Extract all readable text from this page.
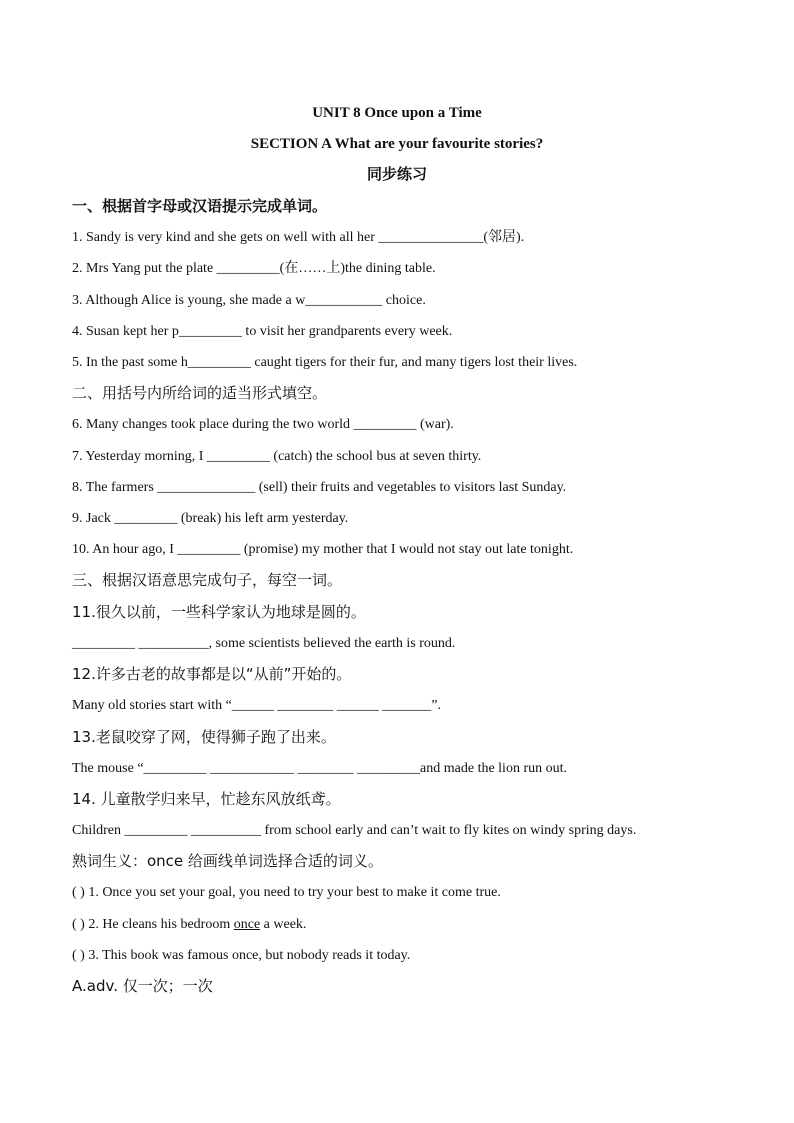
UNIT 8 Once upon a Time
SECTION A What are your favourite stories?
同步练习
一、根据首字母或汉语提示完成单词。
1. Sandy is very kind and she gets on well with all her _______________(邻居).
2. Mrs Yang put the plate _________(在……上)the dining table.
3. Although Alice is young, she made a w___________ choice.
4. Susan kept her p_________ to visit her grandparents every week.
5. In the past some h_________ caught tigers for their fur, and many tigers lost their lives.
二、用括号内所给词的适当形式填空。
6. Many changes took place during the two world _________ (war).
7. Yesterday morning, I _________ (catch) the school bus at seven thirty.
8. The farmers ______________ (sell) their fruits and vegetables to visitors last Sunday.
9. Jack _________ (break) his left arm yesterday.
10. An hour ago, I _________ (promise) my mother that I would not stay out late tonight.
三、根据汉语意思完成句子，每空一词。
11.很久以前，一些科学家认为地球是圆的。
_________ __________, some scientists believed the earth is round.
12.许多古老的故事都是以“从前”开始的。
Many old stories start with “______ ________ ______ _______”.
13.老鼠咬穿了网，使得狮子跑了出来。
The mouse “_________ ____________ ________ _________and made the lion run out.
14. 儿童散学归来早，忙趁东风放纸鸢。
Children _________ __________ from school early and can’t wait to fly kites on windy spring days.
熟词生义：once 给画线单词选择合适的词义。
( ) 1. Once you set your goal, you need to try your best to make it come true.
( ) 2. He cleans his bedroom once a week.
( ) 3. This book was famous once, but nobody reads it today.
A.adv. 仅一次；一次
